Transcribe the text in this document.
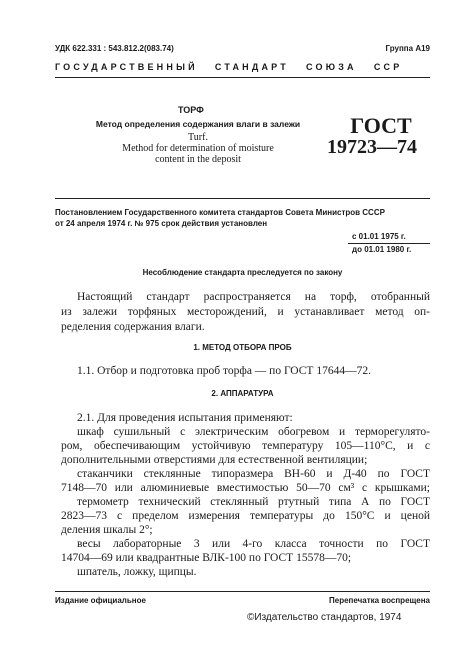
УДК 622.331 : 543.812.2(083.74)	Группа А19
ГОСУДАРСТВЕННЫЙ   СТАНДАРТ   СОЮЗА   ССР
ТОРФ
Метод определения содержания влаги в залежи
Turf.
Method for determination of moisture
content in the deposit
ГОСТ
19723—74
Постановлением Государственного комитета стандартов Совета Министров СССР
от 24 апреля 1974 г. № 975 срок действия установлен
с 01.01 1975 г.
до 01.01 1980 г.
Несоблюдение стандарта преследуется по закону
Настоящий стандарт распространяется на торф, отобранный
из залежи торфяных месторождений, и устанавливает метод оп-
ределения содержания влаги.
1. МЕТОД ОТБОРА ПРОБ
1.1. Отбор и подготовка проб торфа — по ГОСТ 17644—72.
2. АППАРАТУРА
2.1. Для проведения испытания применяют:
шкаф сушильный с электрическим обогревом и терморегулято-
ром, обеспечивающим устойчивую температуру 105—110°С, и с
дополнительными отверстиями для естественной вентиляции;
стаканчики стеклянные типоразмера ВН-60 и Д-40 по ГОСТ
7148—70 или алюминиевые вместимостью 50—70 см³ с крышками;
термометр технический стеклянный ртутный типа А по ГОСТ
2823—73 с пределом измерения температуры до 150°С и ценой
деления шкалы 2°;
весы лабораторные 3 или 4-го класса точности по ГОСТ
14704—69 или квадрантные ВЛК-100 по ГОСТ 15578—70;
шпатель, ложку, щипцы.
Издание официальное	Перепечатка воспрещена
©Издательство стандартов, 1974
